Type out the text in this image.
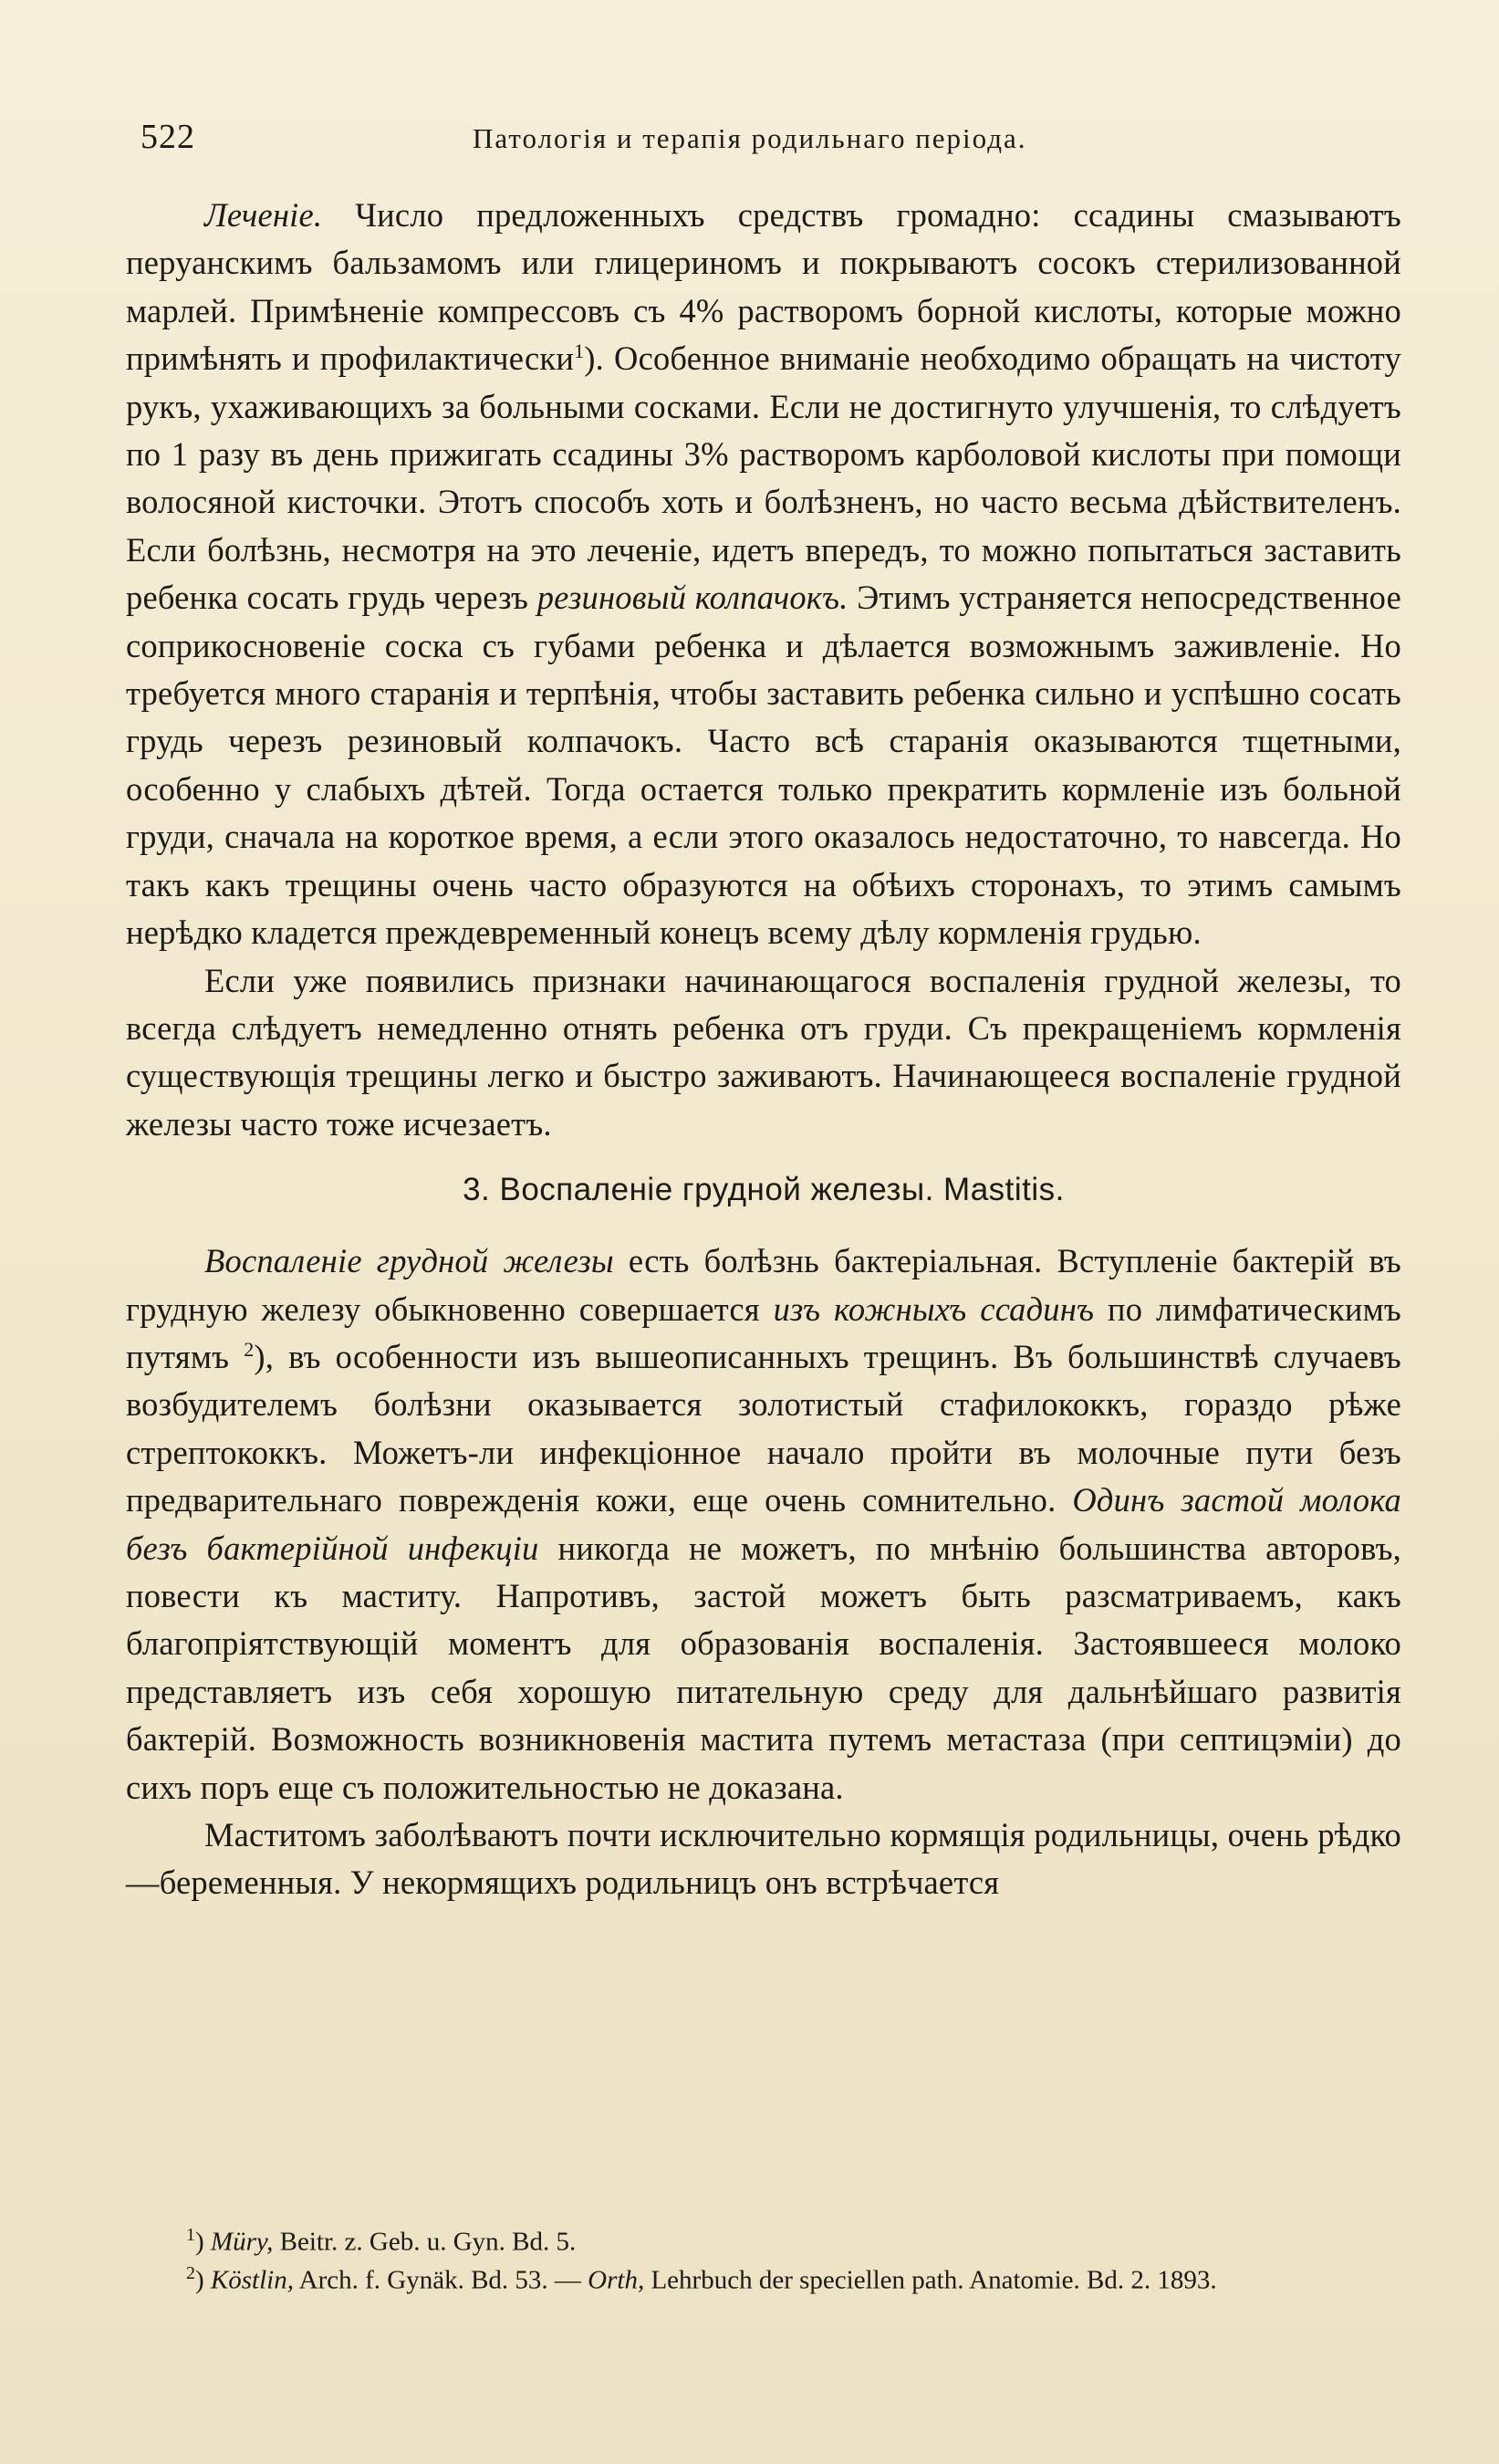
522	Патологія и терапія родильнаго періода.

Леченіе. Число предложенныхъ средствъ громадно: ссадины смазываютъ перуанскимъ бальзамомъ или глицериномъ и покрываютъ сосокъ стерилизованной марлей. Примѣненіе компрессовъ съ 4% растворомъ борной кислоты, которые можно примѣнять и профилактически$^1$). Особенное вниманіе необходимо обращать на чистоту рукъ, ухаживающихъ за больными сосками. Если не достигнуто улучшенія, то слѣдуетъ по 1 разу въ день прижигать ссадины 3% растворомъ карболовой кислоты при помощи волосяной кисточки. Этотъ способъ хоть и болѣзненъ, но часто весьма дѣйствителенъ. Если болѣзнь, несмотря на это леченіе, идетъ впередъ, то можно попытаться заставить ребенка сосать грудь черезъ резиновый колпачокъ. Этимъ устраняется непосредственное соприкосновеніе соска съ губами ребенка и дѣлается возможнымъ заживленіе. Но требуется много старанія и терпѣнія, чтобы заставить ребенка сильно и успѣшно сосать грудь черезъ резиновый колпачокъ. Часто всѣ старанія оказываются тщетными, особенно у слабыхъ дѣтей. Тогда остается только прекратить кормленіе изъ больной груди, сначала на короткое время, а если этого оказалось недостаточно, то навсегда. Но такъ какъ трещины очень часто образуются на обѣихъ сторонахъ, то этимъ самымъ нерѣдко кладется преждевременный конецъ всему дѣлу кормленія грудью.

Если уже появились признаки начинающагося воспаленія грудной железы, то всегда слѣдуетъ немедленно отнять ребенка отъ груди. Съ прекращеніемъ кормленія существующія трещины легко и быстро заживаютъ. Начинающееся воспаленіе грудной железы часто тоже исчезаетъ.

3. Воспаленіе грудной железы. Mastitis.

Воспаленіе грудной железы есть болѣзнь бактеріальная. Вступленіе бактерій въ грудную железу обыкновенно совершается изъ кожныхъ ссадинъ по лимфатическимъ путямъ $^2$), въ особенности изъ вышеописанныхъ трещинъ. Въ большинствѣ случаевъ возбудителемъ болѣзни оказывается золотистый стафилококкъ, гораздо рѣже стрептококкъ. Можетъ-ли инфекціонное начало пройти въ молочные пути безъ предварительнаго поврежденія кожи, еще очень сомнительно. Одинъ застой молока безъ бактерійной инфекціи никогда не можетъ, по мнѣнію большинства авторовъ, повести къ маститу. Напротивъ, застой можетъ быть разсматриваемъ, какъ благопріятствующій моментъ для образованія воспаленія. Застоявшееся молоко представляетъ изъ себя хорошую питательную среду для дальнѣйшаго развитія бактерій. Возможность возникновенія мастита путемъ метастаза (при септицэміи) до сихъ поръ еще съ положительностью не доказана.

Маститомъ заболѣваютъ почти исключительно кормящія родильницы, очень рѣдко—беременныя. У некормящихъ родильницъ онъ встрѣчается

$^1$) Müry, Beitr. z. Geb. u. Gyn. Bd. 5.

$^2$) Köstlin, Arch. f. Gynäk. Bd. 53. — Orth, Lehrbuch der speciellen path. Anatomie. Bd. 2. 1893.
